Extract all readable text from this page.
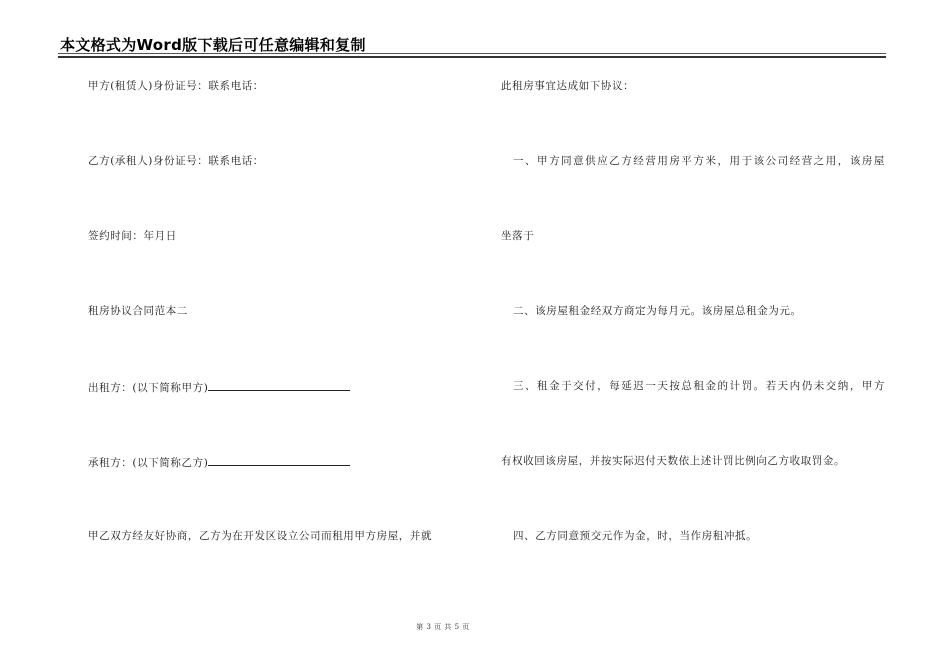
本文格式为Word版下载后可任意编辑和复制
甲方(租赁人)身份证号：联系电话：
乙方(承租人)身份证号：联系电话：
签约时间：年月日
租房协议合同范本二
出租方：(以下简称甲方)
承租方：(以下简称乙方)
甲乙双方经友好协商，乙方为在开发区设立公司而租用甲方房屋，并就
此租房事宜达成如下协议：
一、甲方同意供应乙方经营用房平方米，用于该公司经营之用，该房屋
坐落于
二、该房屋租金经双方商定为每月元。该房屋总租金为元。
三、租金于交付，每延迟一天按总租金的计罚。若天内仍未交纳，甲方
有权收回该房屋，并按实际迟付天数依上述计罚比例向乙方收取罚金。
四、乙方同意预交元作为金，时，当作房租冲抵。
第 3 页 共 5 页
